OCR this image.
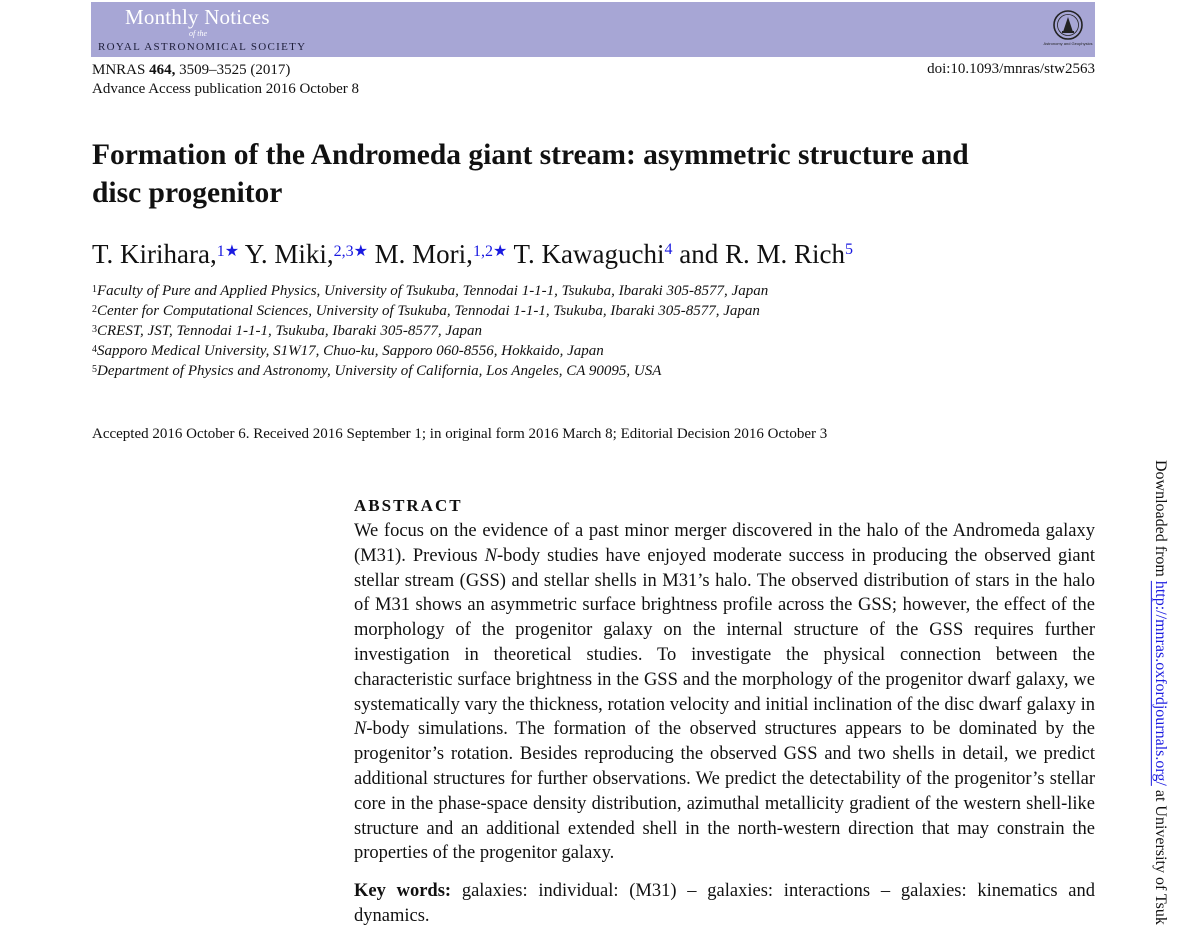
Monthly Notices
of the
ROYAL ASTRONOMICAL SOCIETY	Astronomy and Geophysics
MNRAS 464, 3509–3525 (2017)
Advance Access publication 2016 October 8
doi:10.1093/mnras/stw2563
Formation of the Andromeda giant stream: asymmetric structure and disc progenitor
T. Kirihara,$^{1★}$ Y. Miki,$^{2,3★}$ M. Mori,$^{1,2★}$ T. Kawaguchi$^4$ and R. M. Rich$^5$
$^1$Faculty of Pure and Applied Physics, University of Tsukuba, Tennodai 1-1-1, Tsukuba, Ibaraki 305-8577, Japan
$^2$Center for Computational Sciences, University of Tsukuba, Tennodai 1-1-1, Tsukuba, Ibaraki 305-8577, Japan
$^3$CREST, JST, Tennodai 1-1-1, Tsukuba, Ibaraki 305-8577, Japan
$^4$Sapporo Medical University, S1W17, Chuo-ku, Sapporo 060-8556, Hokkaido, Japan
$^5$Department of Physics and Astronomy, University of California, Los Angeles, CA 90095, USA
Accepted 2016 October 6. Received 2016 September 1; in original form 2016 March 8; Editorial Decision 2016 October 3
ABSTRACT
We focus on the evidence of a past minor merger discovered in the halo of the Andromeda galaxy (M31). Previous N-body studies have enjoyed moderate success in producing the observed giant stellar stream (GSS) and stellar shells in M31’s halo. The observed distribution of stars in the halo of M31 shows an asymmetric surface brightness profile across the GSS; however, the effect of the morphology of the progenitor galaxy on the internal structure of the GSS requires further investigation in theoretical studies. To investigate the physical connection between the characteristic surface brightness in the GSS and the morphology of the progenitor dwarf galaxy, we systematically vary the thickness, rotation velocity and initial inclination of the disc dwarf galaxy in N-body simulations. The formation of the observed structures appears to be dominated by the progenitor’s rotation. Besides reproducing the observed GSS and two shells in detail, we predict additional structures for further observations. We predict the detectability of the progenitor’s stellar core in the phase-space density distribution, azimuthal metallicity gradient of the western shell-like structure and an additional extended shell in the north-western direction that may constrain the properties of the progenitor galaxy.
Key words: galaxies: individual: (M31) – galaxies: interactions – galaxies: kinematics and dynamics.
Downloaded from http://mnras.oxfordjournals.org/ at University of Tsuk
